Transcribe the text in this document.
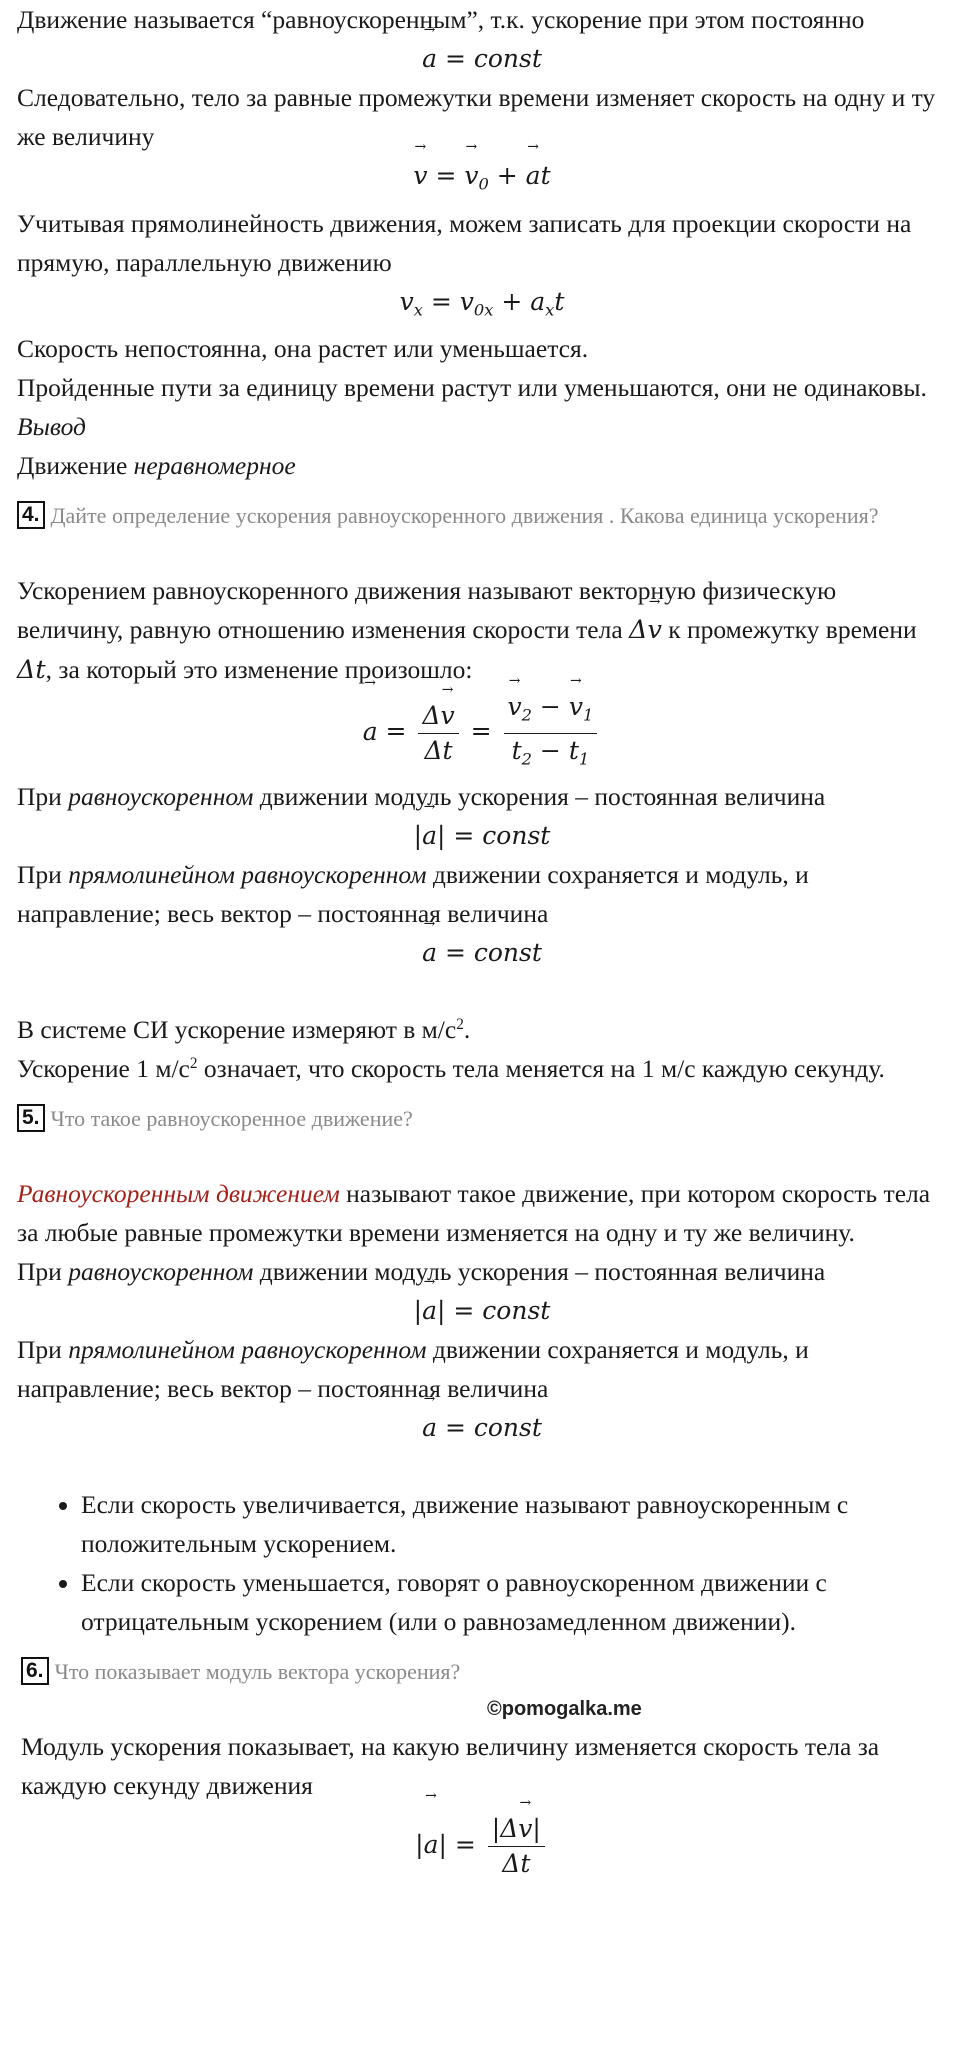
Движение называется “равноускоренным”, т.к. ускорение при этом постоянно

→ a = const

Следовательно, тело за равные промежутки времени изменяет скорость на одну и ту же величину

→ v = → $v_0$ + → at

Учитывая прямолинейность движения, можем записать для проекции скорости на прямую, параллельную движению

$v_x = v_{0x} + a_xt$

Скорость непостоянна, она растет или уменьшается.

Пройденные пути за единицу времени растут или уменьшаются, они не одинаковы.

Вывод

Движение неравномерное

4. Дайте определение ускорения равноускоренного движения . Какова единица ускорения?

Ускорением равноускоренного движения называют векторную физическую величину, равную отношению изменения скорости тела Δ→ v к промежутку времени Δt, за который это изменение произошло:

→ $a = \frac{\Delta\to v}{\Delta t}$ = → $\frac{v_2 - \to v_1}{t_2 - t_1}$

При равноускоренном движении модуль ускорения – постоянная величина

|→ a| = const

При прямолинейном равноускоренном движении сохраняется и модуль, и направление; весь вектор – постоянная величина

→ a = const

В системе СИ ускорение измеряют в $м/с^2$.

Ускорение 1 $м/с^2$ означает, что скорость тела меняется на 1 м/с каждую секунду.

5. Что такое равноускоренное движение?

Равноускоренным движением называют такое движение, при котором скорость тела за любые равные промежутки времени изменяется на одну и ту же величину.

При равноускоренном движении модуль ускорения – постоянная величина

|→ a| = const

При прямолинейном равноускоренном движении сохраняется и модуль, и направление; весь вектор – постоянная величина

→ a = const

• Если скорость увеличивается, движение называют равноускоренным с положительным ускорением.
• Если скорость уменьшается, говорят о равноускоренном движении с отрицательным ускорением (или о равнозамедленном движении).

6. Что показывает модуль вектора ускорения?

Модуль ускорения показывает, на какую величину изменяется скорость тела за каждую секунду движения

|→ $a| = \frac{|\Delta\to v|}{\Delta t}$

©pomogalka.me
